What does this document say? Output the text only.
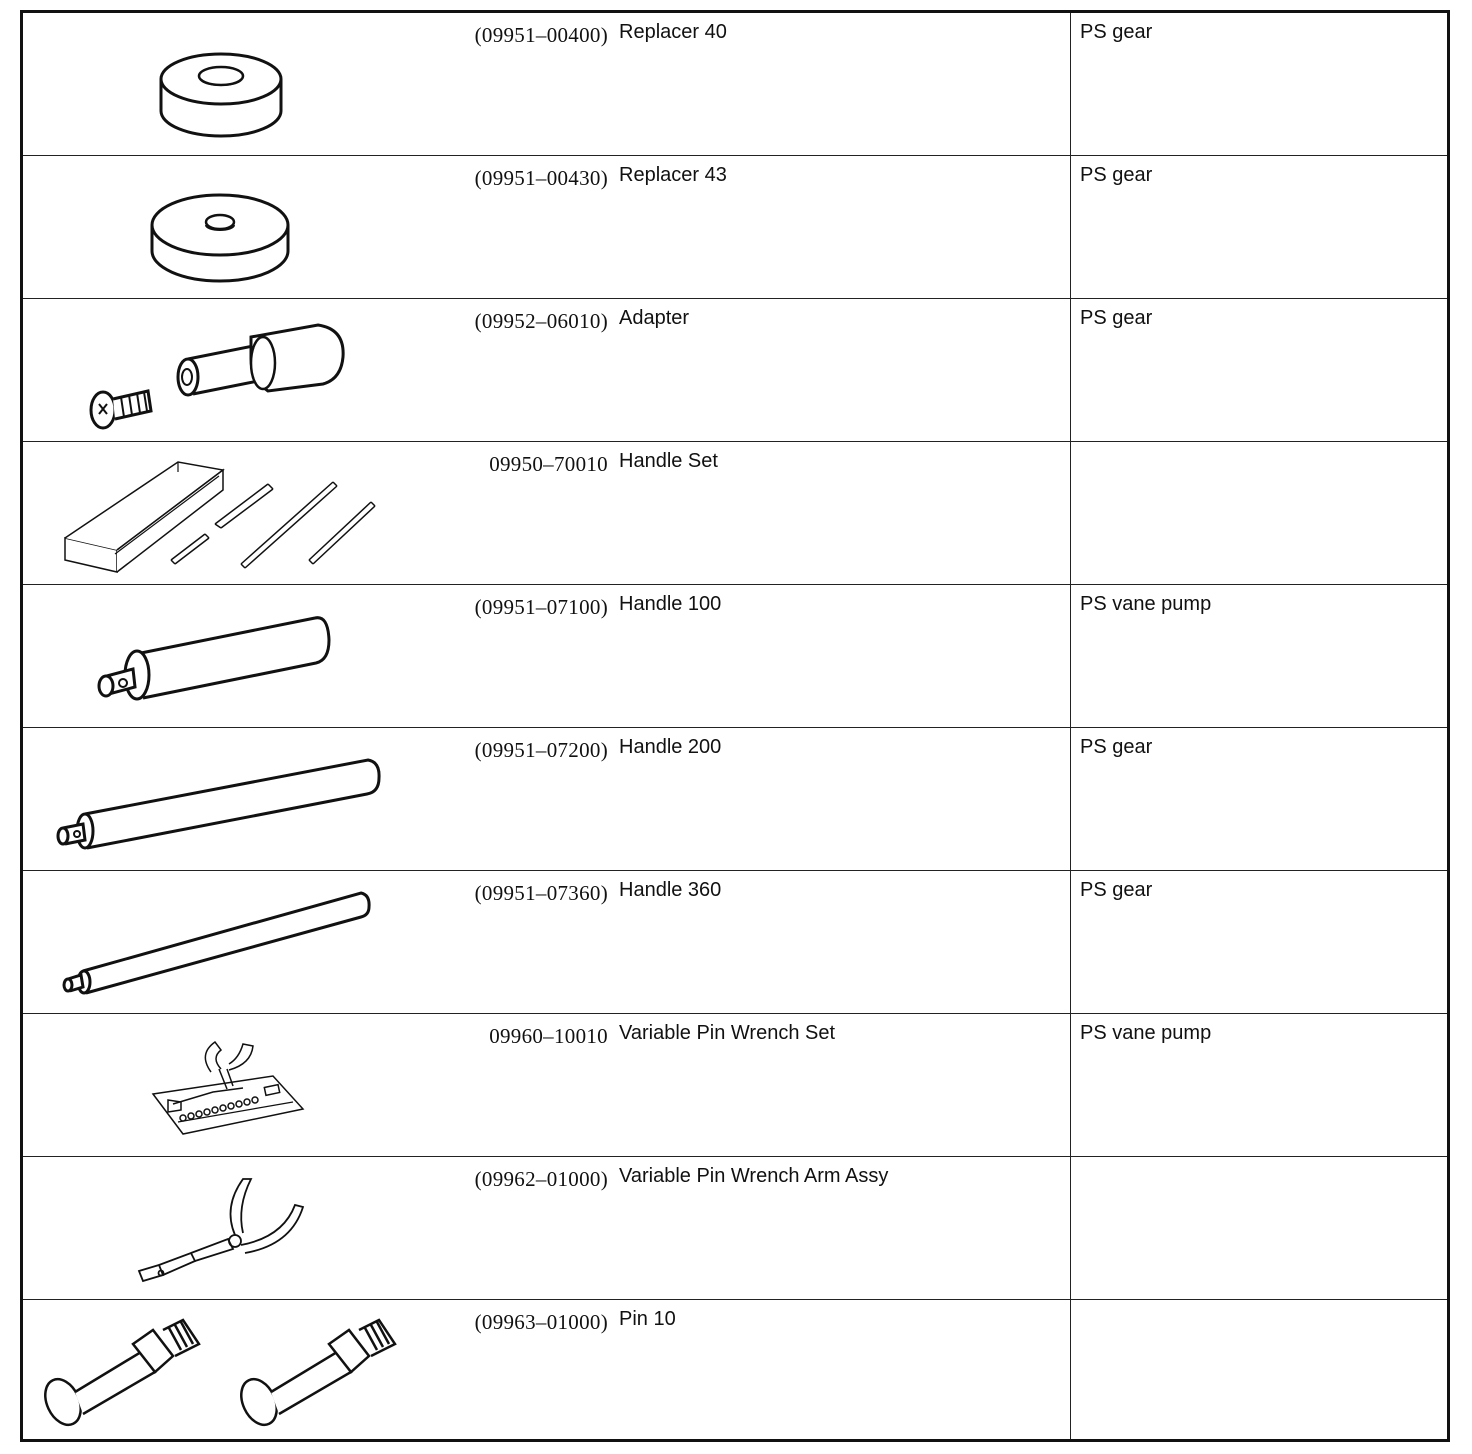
(09951–00400) Replacer 40	PS gear
(09951–00430) Replacer 43	PS gear
(09952–06010) Adapter	PS gear
09950–70010 Handle Set
(09951–07100) Handle 100	PS vane pump
(09951–07200) Handle 200	PS gear
(09951–07360) Handle 360	PS gear
09960–10010 Variable Pin Wrench Set	PS vane pump
(09962–01000) Variable Pin Wrench Arm Assy
(09963–01000) Pin 10
